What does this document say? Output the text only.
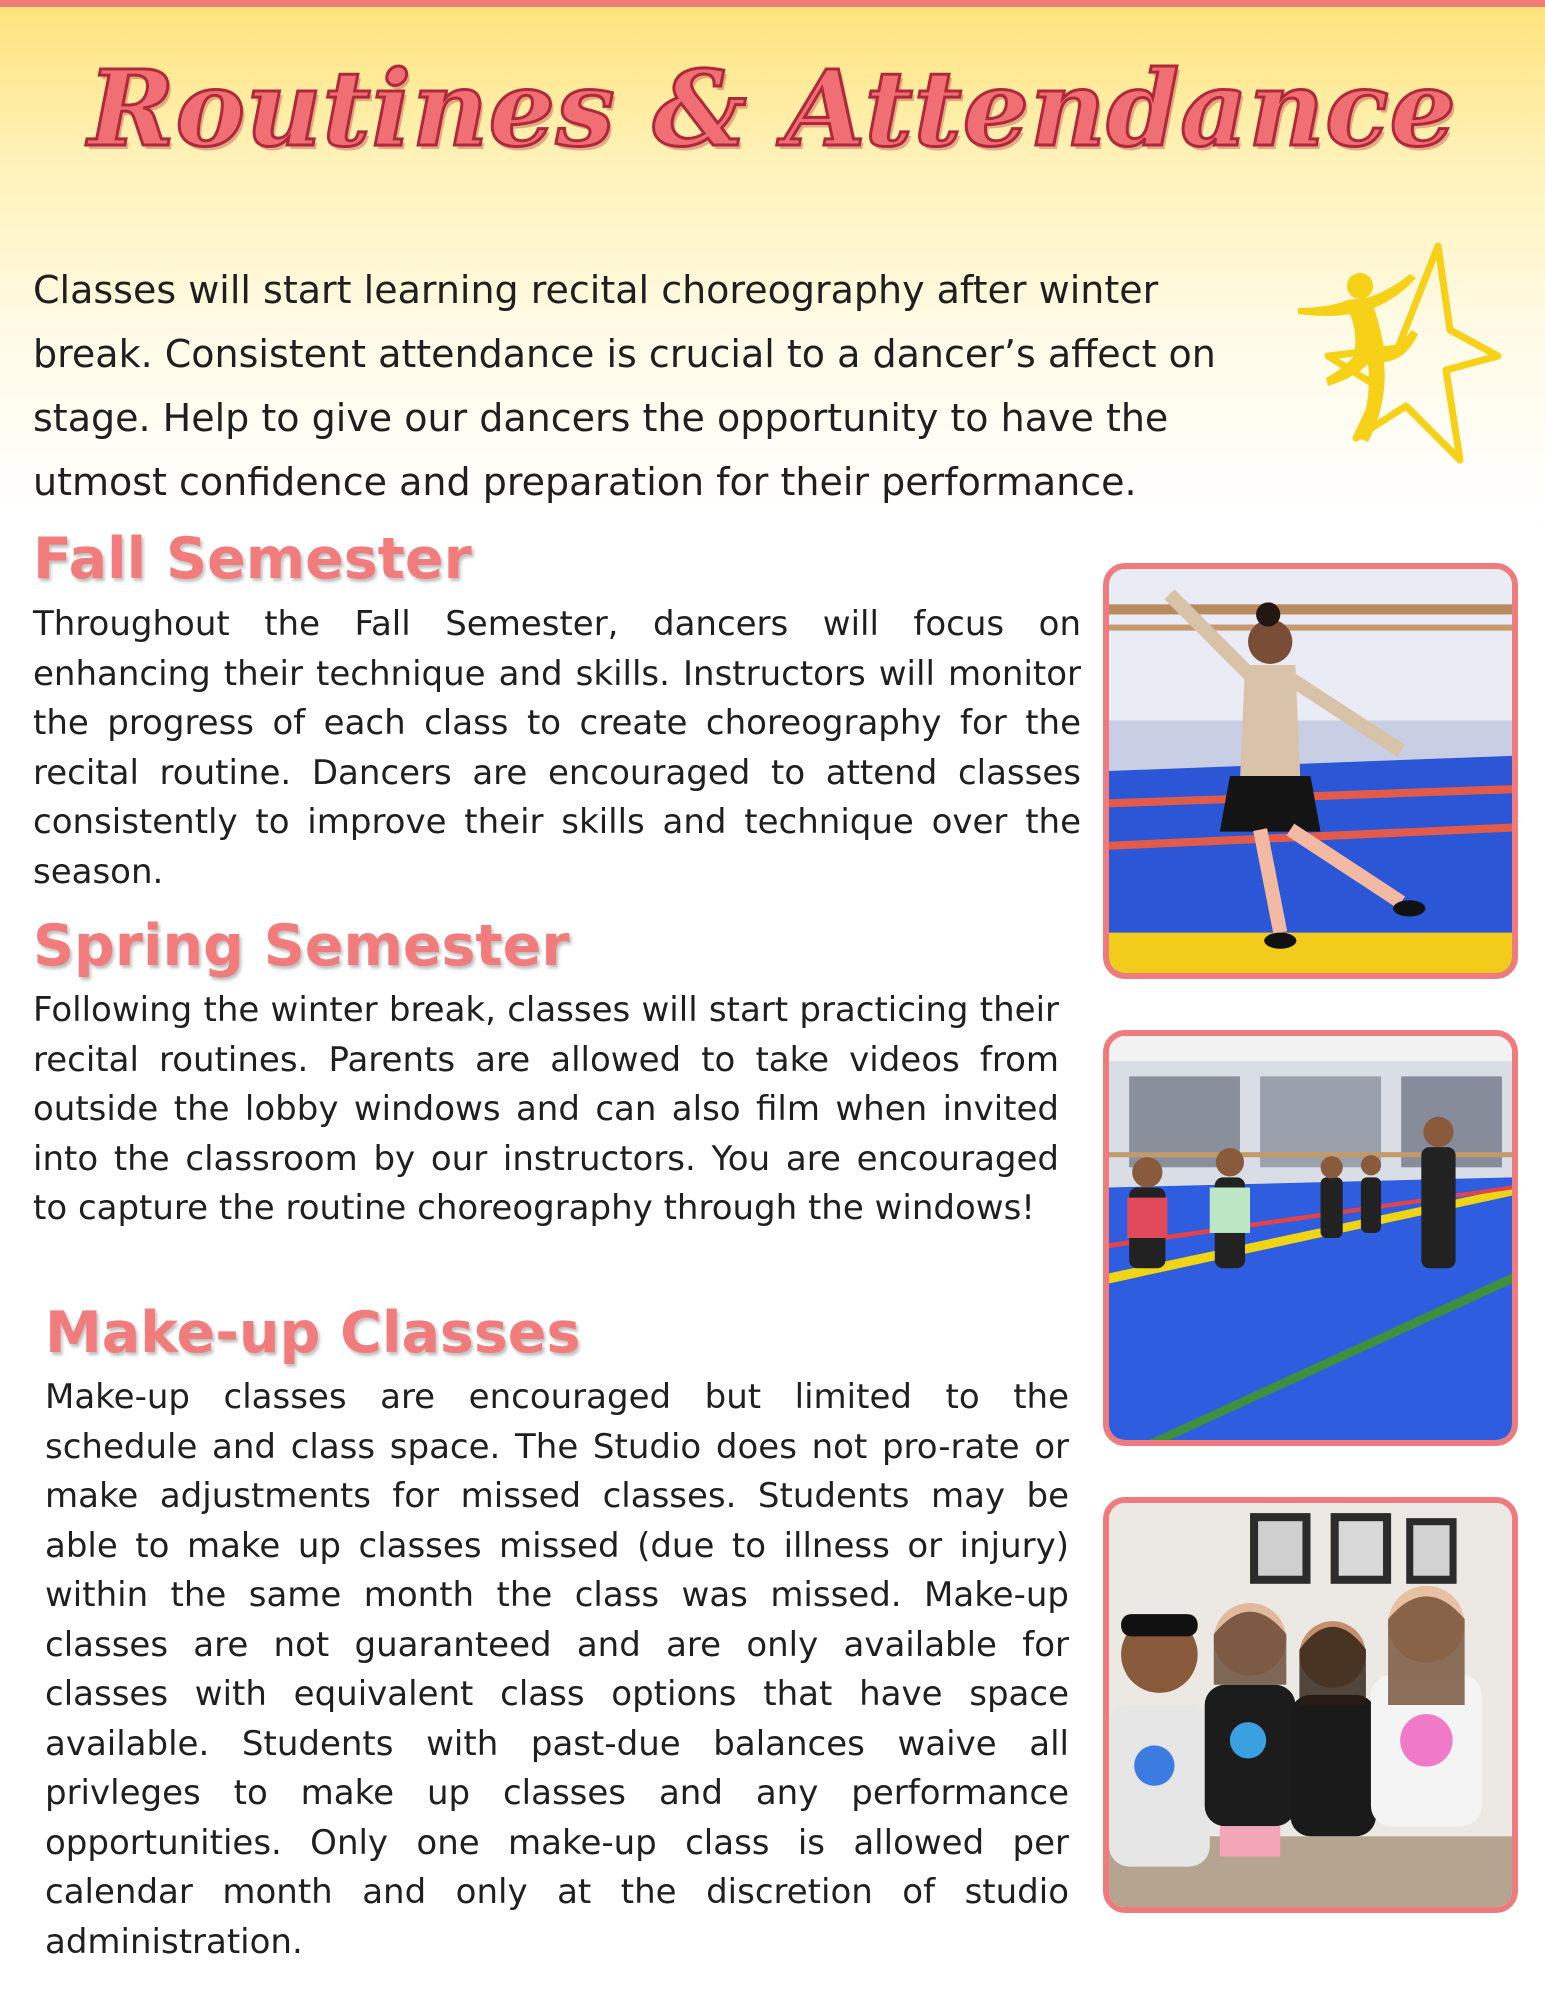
Routines & Attendance

Classes will start learning recital choreography after winter break. Consistent attendance is crucial to a dancer’s affect on stage. Help to give our dancers the opportunity to have the utmost confidence and preparation for their performance.

Fall Semester

Throughout the Fall Semester, dancers will focus on enhancing their technique and skills. Instructors will monitor the progress of each class to create choreography for the recital routine. Dancers are encouraged to attend classes consistently to improve their skills and technique over the season.

Spring Semester

Following the winter break, classes will start practicing their recital routines. Parents are allowed to take videos from outside the lobby windows and can also film when invited into the classroom by our instructors. You are encouraged to capture the routine choreography through the windows!

Make-up Classes

Make-up classes are encouraged but limited to the schedule and class space. The Studio does not pro-rate or make adjustments for missed classes. Students may be able to make up classes missed (due to illness or injury) within the same month the class was missed. Make-up classes are not guaranteed and are only available for classes with equivalent class options that have space available. Students with past-due balances waive all privleges to make up classes and any performance opportunities. Only one make-up class is allowed per calendar month and only at the discretion of studio administration.
